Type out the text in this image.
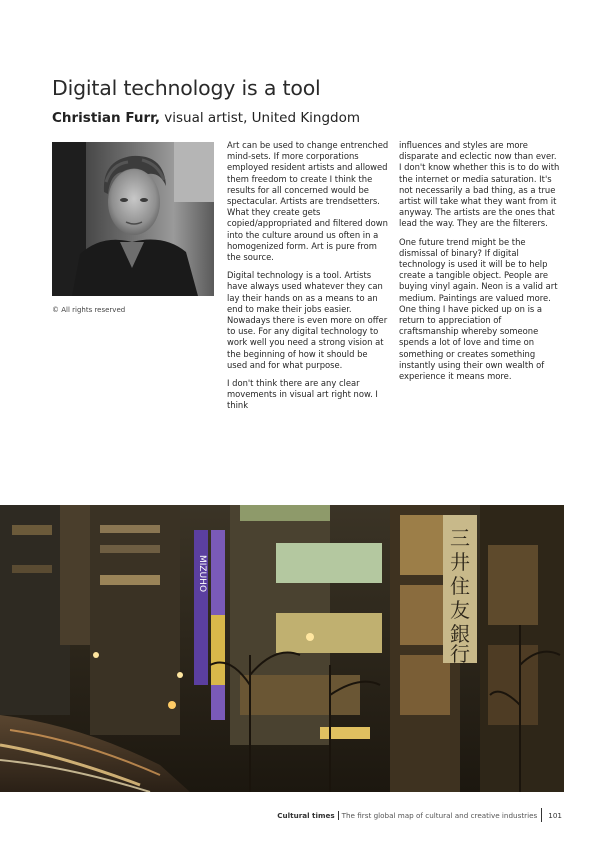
Digital technology is a tool

Christian Furr, visual artist, United Kingdom

© All rights reserved

Art can be used to change entrenched mind-sets. If more corporations employed resident artists and allowed them freedom to create I think the results for all concerned would be spectacular. Artists are trendsetters. What they create gets copied/appropriated and filtered down into the culture around us often in a homogenized form. Art is pure from the source.

Digital technology is a tool. Artists have always used whatever they can lay their hands on as a means to an end to make their jobs easier. Nowadays there is even more on offer to use. For any digital technology to work well you need a strong vision at the beginning of how it should be used and for what purpose.

I don't think there are any clear movements in visual art right now. I think

influences and styles are more disparate and eclectic now than ever. I don't know whether this is to do with the internet or media saturation. It's not necessarily a bad thing, as a true artist will take what they want from it anyway. The artists are the ones that lead the way. They are the filterers.

One future trend might be the dismissal of binary? If digital technology is used it will be to help create a tangible object. People are buying vinyl again. Neon is a valid art medium. Paintings are valued more. One thing I have picked up on is a return to appreciation of craftsmanship whereby someone spends a lot of love and time on something or creates something instantly using their own wealth of experience it means more.

三
井
住
友
銀
行
MIZUHO
Cultural times The first global map of cultural and creative industries 101
